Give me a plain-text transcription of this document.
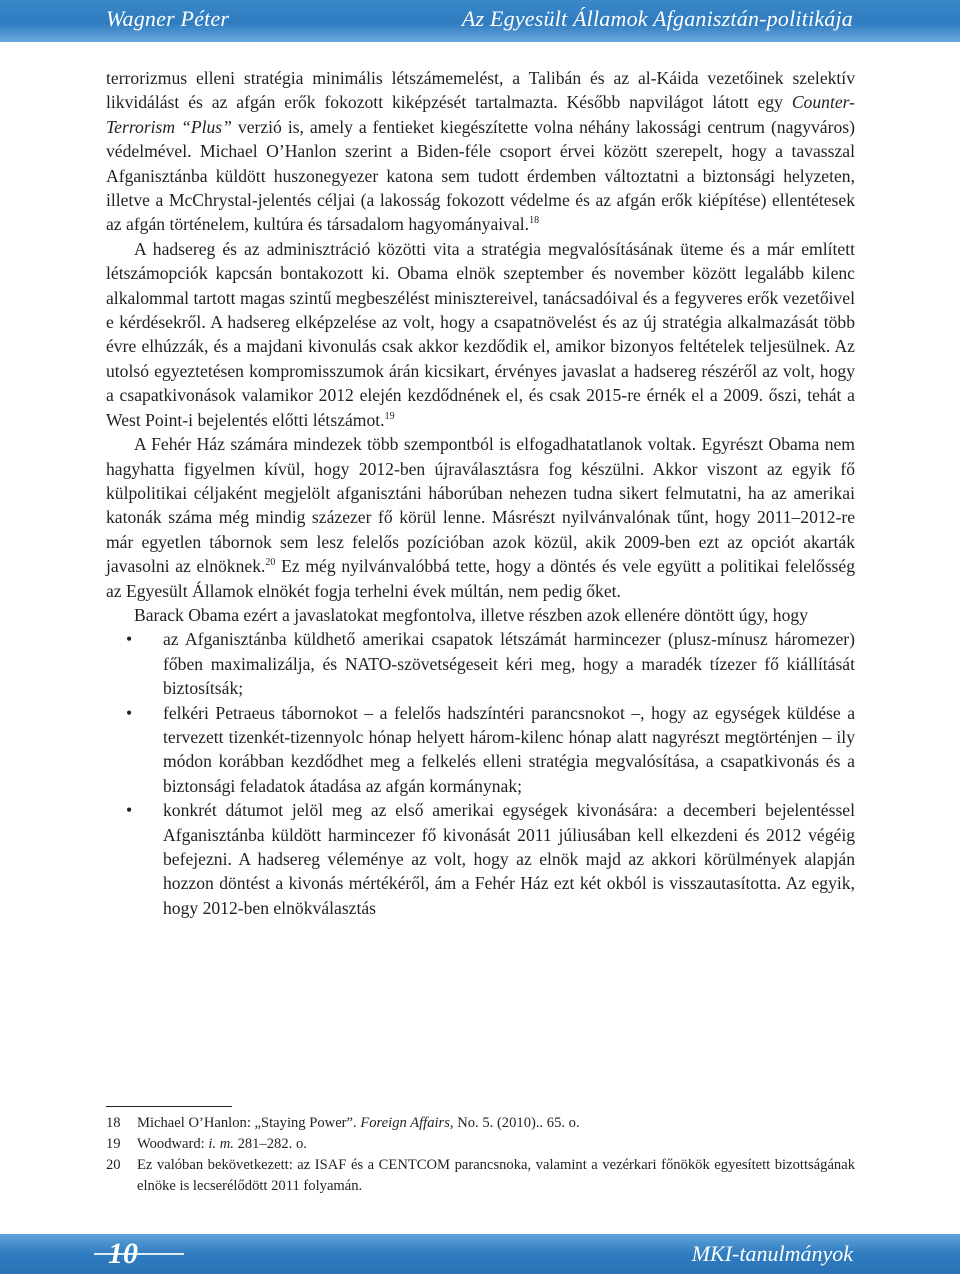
Wagner Péter	Az Egyesült Államok Afganisztán-politikája

terrorizmus elleni stratégia minimális létszámemelést, a Talibán és az al-Káida vezetőinek szelektív likvidálást és az afgán erők fokozott kiképzését tartalmazta. Később napvilágot látott egy Counter-Terrorism “Plus” verzió is, amely a fentieket kiegészítette volna néhány lakossági centrum (nagyváros) védelmével. Michael O’Hanlon szerint a Biden-féle csoport érvei között szerepelt, hogy a tavasszal Afganisztánba küldött huszonegyezer katona sem tudott érdemben változtatni a biztonsági helyzeten, illetve a McChrystal-jelentés céljai (a lakosság fokozott védelme és az afgán erők kiépítése) ellentétesek az afgán történelem, kultúra és társadalom hagyományaival.$^{18}$

A hadsereg és az adminisztráció közötti vita a stratégia megvalósításának üteme és a már említett létszámopciók kapcsán bontakozott ki. Obama elnök szeptember és november között legalább kilenc alkalommal tartott magas szintű megbeszélést minisztereivel, tanácsadóival és a fegyveres erők vezetőivel e kérdésekről. A hadsereg elképzelése az volt, hogy a csapatnövelést és az új stratégia alkalmazását több évre elhúzzák, és a majdani kivonulás csak akkor kezdődik el, amikor bizonyos feltételek teljesülnek. Az utolsó egyeztetésen kompromisszumok árán kicsikart, érvényes javaslat a hadsereg részéről az volt, hogy a csapatkivonások valamikor 2012 elején kezdődnének el, és csak 2015-re érnék el a 2009. őszi, tehát a West Point-i bejelentés előtti létszámot.$^{19}$

A Fehér Ház számára mindezek több szempontból is elfogadhatatlanok voltak. Egyrészt Obama nem hagyhatta figyelmen kívül, hogy 2012-ben újraválasztásra fog készülni. Akkor viszont az egyik fő külpolitikai céljaként megjelölt afganisztáni háborúban nehezen tudna sikert felmutatni, ha az amerikai katonák száma még mindig százezer fő körül lenne. Másrészt nyilvánvalónak tűnt, hogy 2011–2012-re már egyetlen tábornok sem lesz felelős pozícióban azok közül, akik 2009-ben ezt az opciót akarták javasolni az elnöknek.$^{20}$ Ez még nyilvánvalóbbá tette, hogy a döntés és vele együtt a politikai felelősség az Egyesült Államok elnökét fogja terhelni évek múltán, nem pedig őket.

Barack Obama ezért a javaslatokat megfontolva, illetve részben azok ellenére döntött úgy, hogy

• az Afganisztánba küldhető amerikai csapatok létszámát harmincezer (plusz-mínusz háromezer) főben maximalizálja, és NATO-szövetségeseit kéri meg, hogy a maradék tízezer fő kiállítását biztosítsák;
• felkéri Petraeus tábornokot – a felelős hadszíntéri parancsnokot –, hogy az egységek küldése a tervezett tizenkét-tizennyolc hónap helyett három-kilenc hónap alatt nagyrészt megtörténjen – ily módon korábban kezdődhet meg a felkelés elleni stratégia megvalósítása, a csapatkivonás és a biztonsági feladatok átadása az afgán kormánynak;
• konkrét dátumot jelöl meg az első amerikai egységek kivonására: a decemberi bejelentéssel Afganisztánba küldött harmincezer fő kivonását 2011 júliusában kell elkezdeni és 2012 végéig befejezni. A hadsereg véleménye az volt, hogy az elnök majd az akkori körülmények alapján hozzon döntést a kivonás mértékéről, ám a Fehér Ház ezt két okból is visszautasította. Az egyik, hogy 2012-ben elnökválasztás
18 Michael O’Hanlon: „Staying Power”. Foreign Affairs, No. 5. (2010).. 65. o.
19 Woodward: i. m. 281–282. o.
20 Ez valóban bekövetkezett: az ISAF és a CENTCOM parancsnoka, valamint a vezérkari főnökök egyesített bizottságának elnöke is lecserélődött 2011 folyamán.
10	MKI-tanulmányok
